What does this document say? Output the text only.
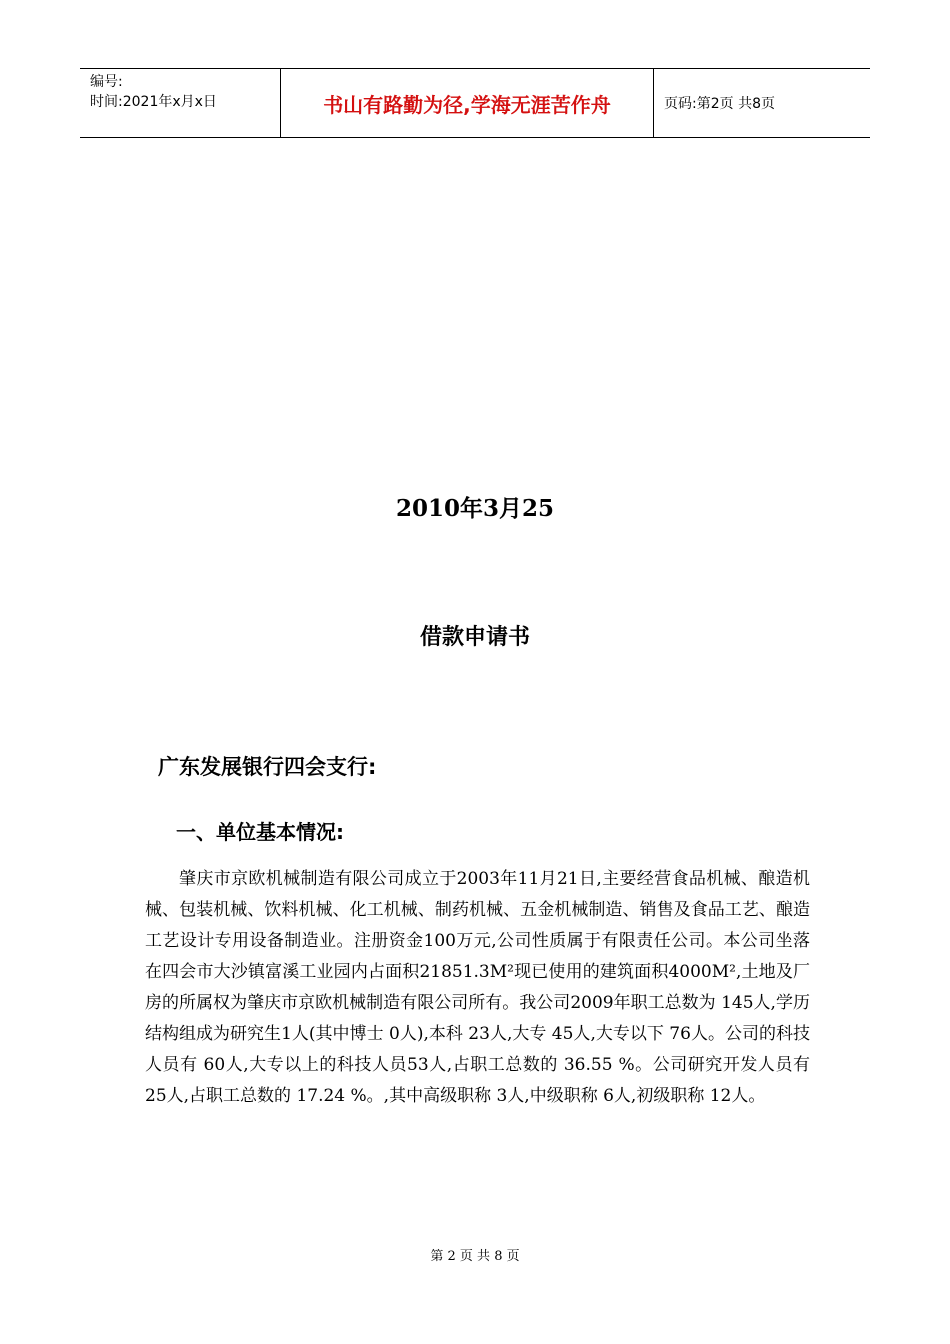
编号:
时间:2021年x月x日	书山有路勤为径,学海无涯苦作舟	页码:第2页 共8页
2010年3月25
借款申请书
广东发展银行四会支行:
一、单位基本情况:

肇庆市京欧机械制造有限公司成立于2003年11月21日,主要经营食品机械、酿造机械、包装机械、饮料机械、化工机械、制药机械、五金机械制造、销售及食品工艺、酿造工艺设计专用设备制造业。注册资金100万元,公司性质属于有限责任公司。本公司坐落在四会市大沙镇富溪工业园内占面积21851.3M²现已使用的建筑面积4000M²,土地及厂房的所属权为肇庆市京欧机械制造有限公司所有。我公司2009年职工总数为 145人,学历结构组成为研究生1人(其中博士 0人),本科 23人,大专 45人,大专以下 76人。公司的科技人员有 60人,大专以上的科技人员53人,占职工总数的 36.55 %。公司研究开发人员有 25人,占职工总数的 17.24 %。,其中高级职称 3人,中级职称 6人,初级职称 12人。

第 2 页 共 8 页
